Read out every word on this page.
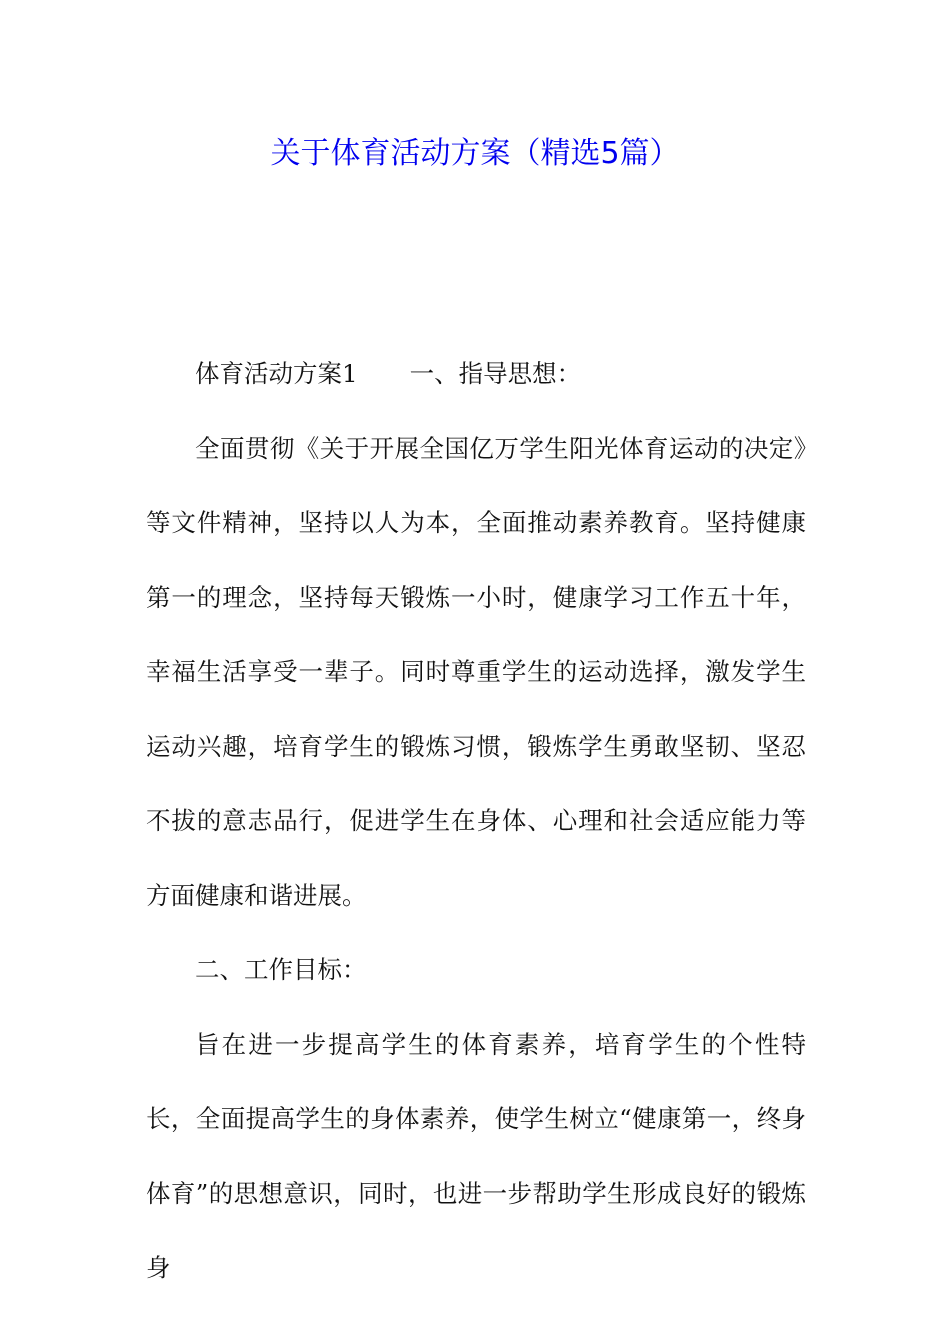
关于体育活动方案（精选5篇）

体育活动方案1 一、指导思想：

全面贯彻《关于开展全国亿万学生阳光体育运动的决定》等文件精神，坚持以人为本，全面推动素养教育。坚持健康第一的理念，坚持每天锻炼一小时，健康学习工作五十年，幸福生活享受一辈子。同时尊重学生的运动选择，激发学生运动兴趣，培育学生的锻炼习惯，锻炼学生勇敢坚韧、坚忍不拔的意志品行，促进学生在身体、心理和社会适应能力等方面健康和谐进展。

二、工作目标：

旨在进一步提高学生的体育素养，培育学生的个性特长，全面提高学生的身体素养，使学生树立“健康第一，终身体育”的思想意识，同时，也进一步帮助学生形成良好的锻炼身
